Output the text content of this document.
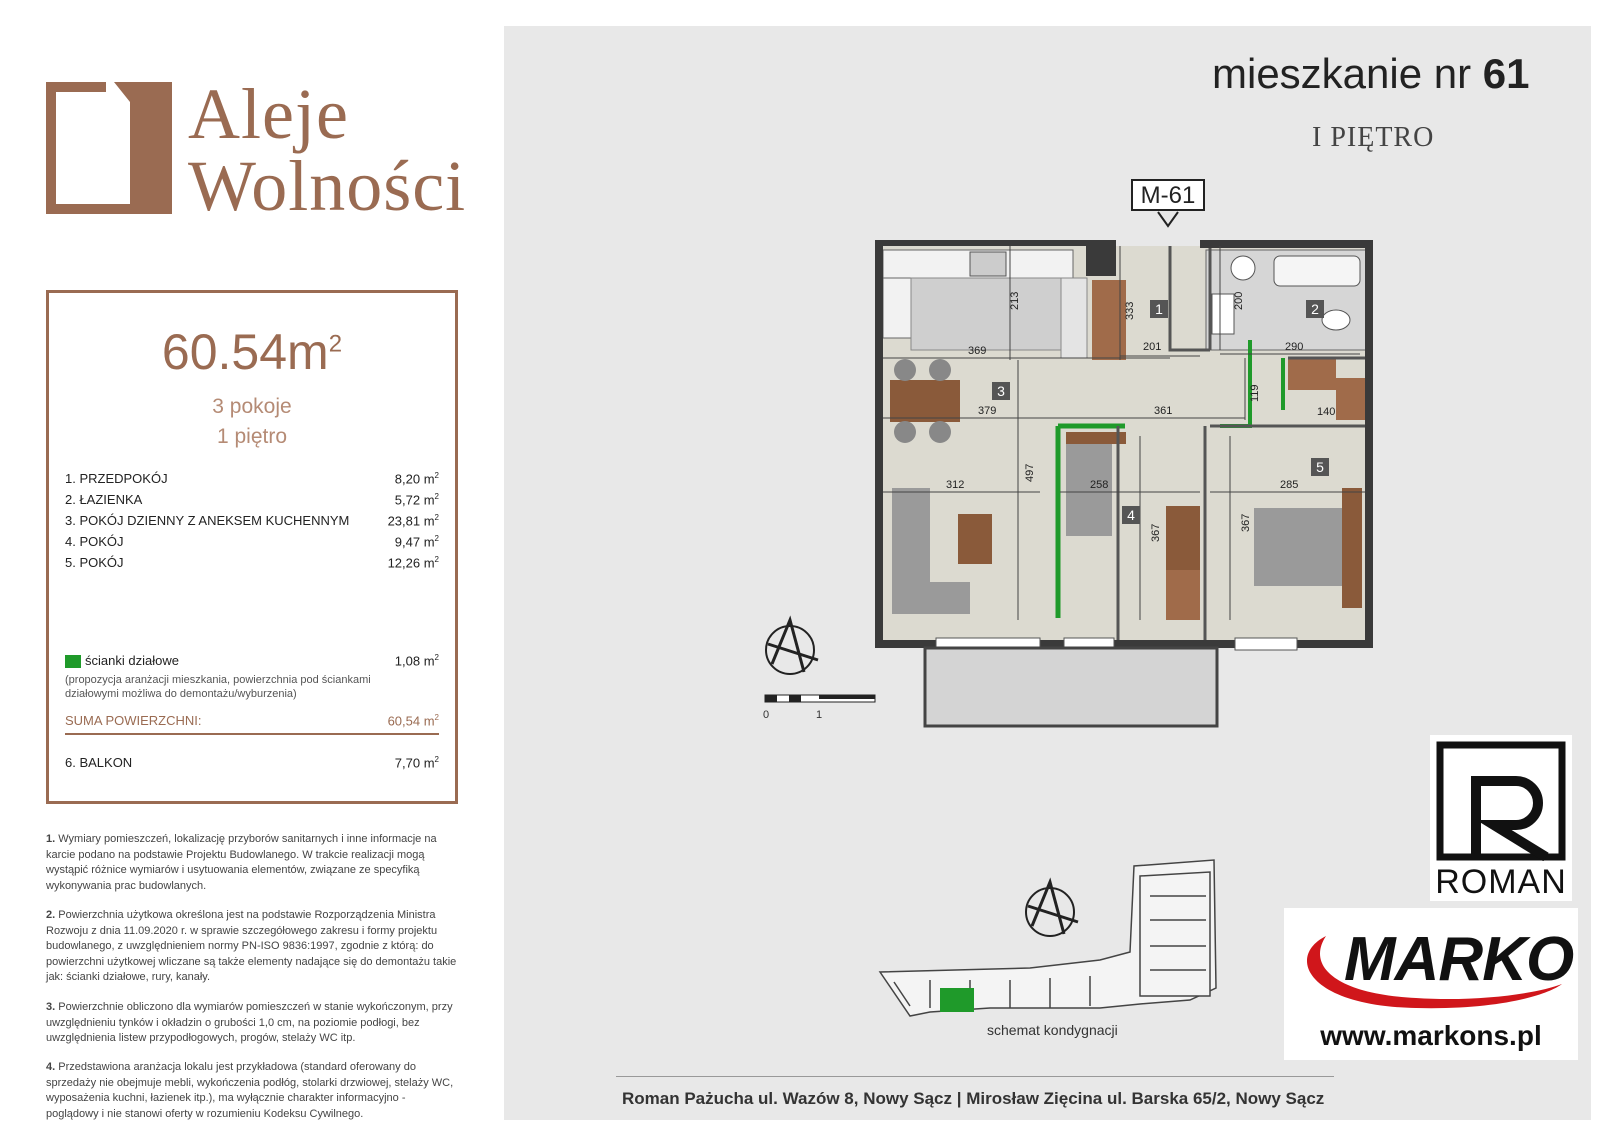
Aleje
Wolności
$60.54m^2$
3 pokoje
1 piętro
1. PRZEDPOKÓJ	8,20 $m^2$
2. ŁAZIENKA	5,72 $m^2$
3. POKÓJ DZIENNY Z ANEKSEM KUCHENNYM	23,81 $m^2$
4. POKÓJ	9,47 $m^2$
5. POKÓJ	12,26 $m^2$
ścianki działowe	1,08 $m^2$
(propozycja aranżacji mieszkania, powierzchnia pod ściankami działowymi możliwa do demontażu/wyburzenia)
SUMA POWIERZCHNI:	60,54 $m^2$
6. BALKON	7,70 $m^2$
1. Wymiary pomieszczeń, lokalizację przyborów sanitarnych i inne informacje na karcie podano na podstawie Projektu Budowlanego. W trakcie realizacji mogą wystąpić różnice wymiarów i usytuowania elementów, związane ze specyfiką wykonywania prac budowlanych.
2. Powierzchnia użytkowa określona jest na podstawie Rozporządzenia Ministra Rozwoju z dnia 11.09.2020 r. w sprawie szczegółowego zakresu i formy projektu budowlanego, z uwzględnieniem normy PN-ISO 9836:1997, zgodnie z którą: do powierzchni użytkowej wliczane są także elementy nadające się do demontażu takie jak: ścianki działowe, rury, kanały.
3. Powierzchnie obliczono dla wymiarów pomieszczeń w stanie wykończonym, przy uwzględnieniu tynków i okładzin o grubości 1,0 cm, na poziomie podłogi, bez uwzględnienia listew przypodłogowych, progów, stelaży WC itp.
4. Przedstawiona aranżacja lokalu jest przykładowa (standard oferowany do sprzedaży nie obejmuje mebli, wykończenia podłóg, stolarki drzwiowej, stelaży WC, wyposażenia kuchni, łazienek itp.), ma wyłącznie charakter informacyjno - poglądowy i nie stanowi oferty w rozumieniu Kodeksu Cywilnego.
mieszkanie nr 61
I PIĘTRO
M-61
369
213
333
201
200
290
379	361
119
140
312
497
258
367
285
367
1	2
3
4
5
0	1
schemat kondygnacji
ROMAN
MARKO
www.markons.pl
Roman Pażucha ul. Wazów 8, Nowy Sącz | Mirosław Zięcina ul. Barska 65/2, Nowy Sącz
